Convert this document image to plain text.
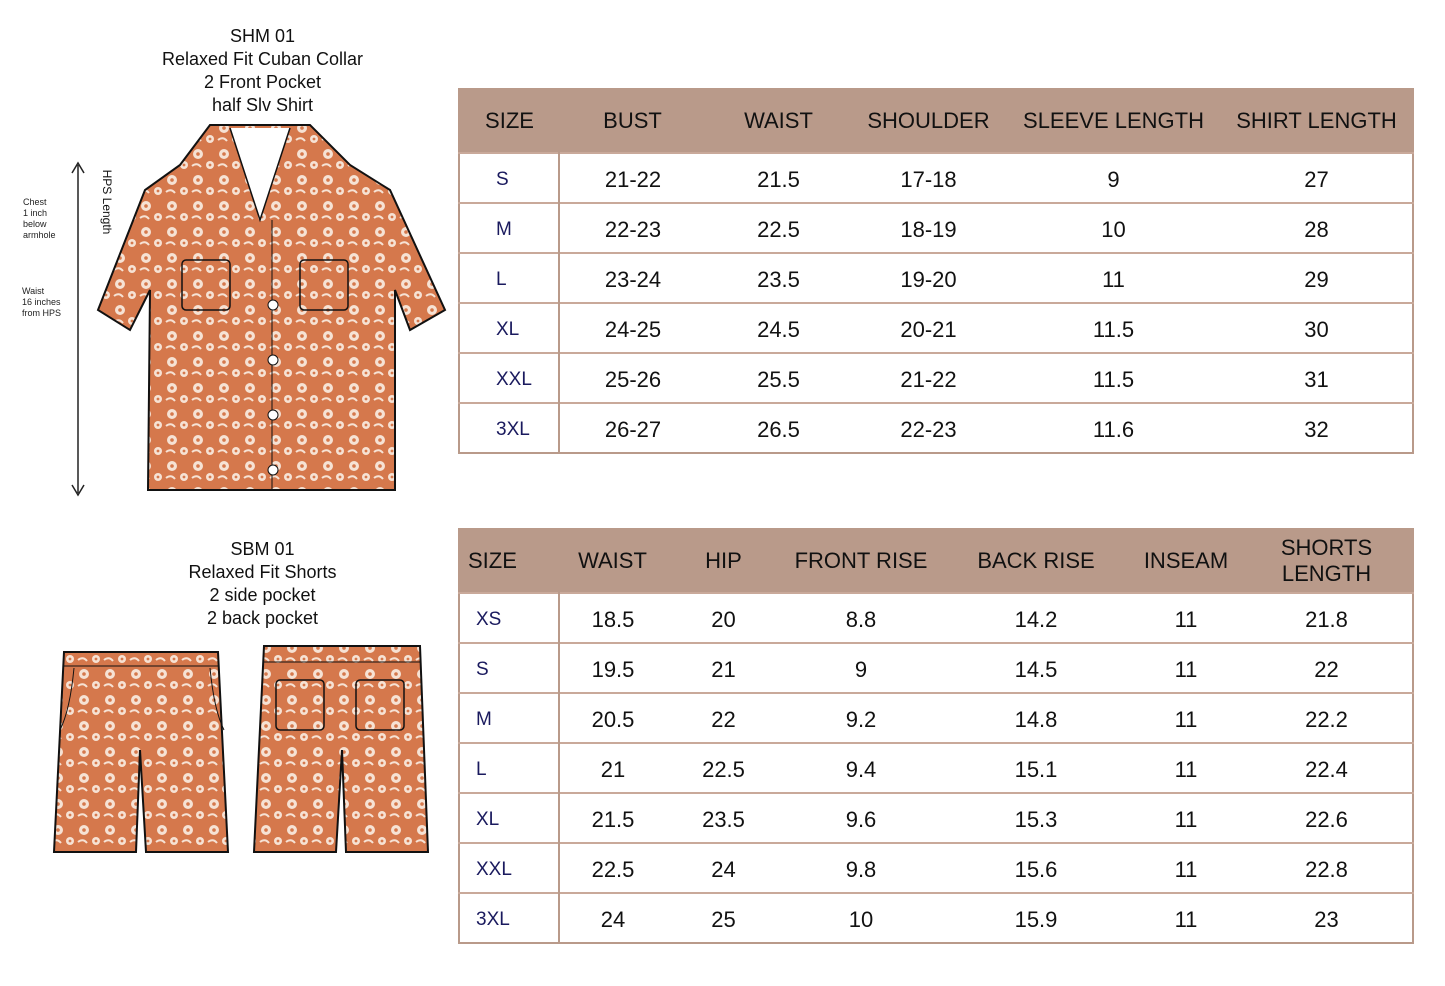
SHM 01
Relaxed Fit Cuban Collar
2 Front Pocket
half Slv Shirt
Chest
1 inch
below
armhole
Waist
16 inches
from HPS
HPS Length
SBM 01
Relaxed Fit Shorts
2 side pocket
2 back pocket
SIZE	BUST	WAIST	SHOULDER	SLEEVE LENGTH	SHIRT LENGTH
S	21-22	21.5	17-18	9	27
M	22-23	22.5	18-19	10	28
L	23-24	23.5	19-20	11	29
XL	24-25	24.5	20-21	11.5	30
XXL	25-26	25.5	21-22	11.5	31
3XL	26-27	26.5	22-23	11.6	32
SIZE	WAIST	HIP	FRONT RISE	BACK RISE	INSEAM	SHORTS LENGTH
XS	18.5	20	8.8	14.2	11	21.8
S	19.5	21	9	14.5	11	22
M	20.5	22	9.2	14.8	11	22.2
L	21	22.5	9.4	15.1	11	22.4
XL	21.5	23.5	9.6	15.3	11	22.6
XXL	22.5	24	9.8	15.6	11	22.8
3XL	24	25	10	15.9	11	23
